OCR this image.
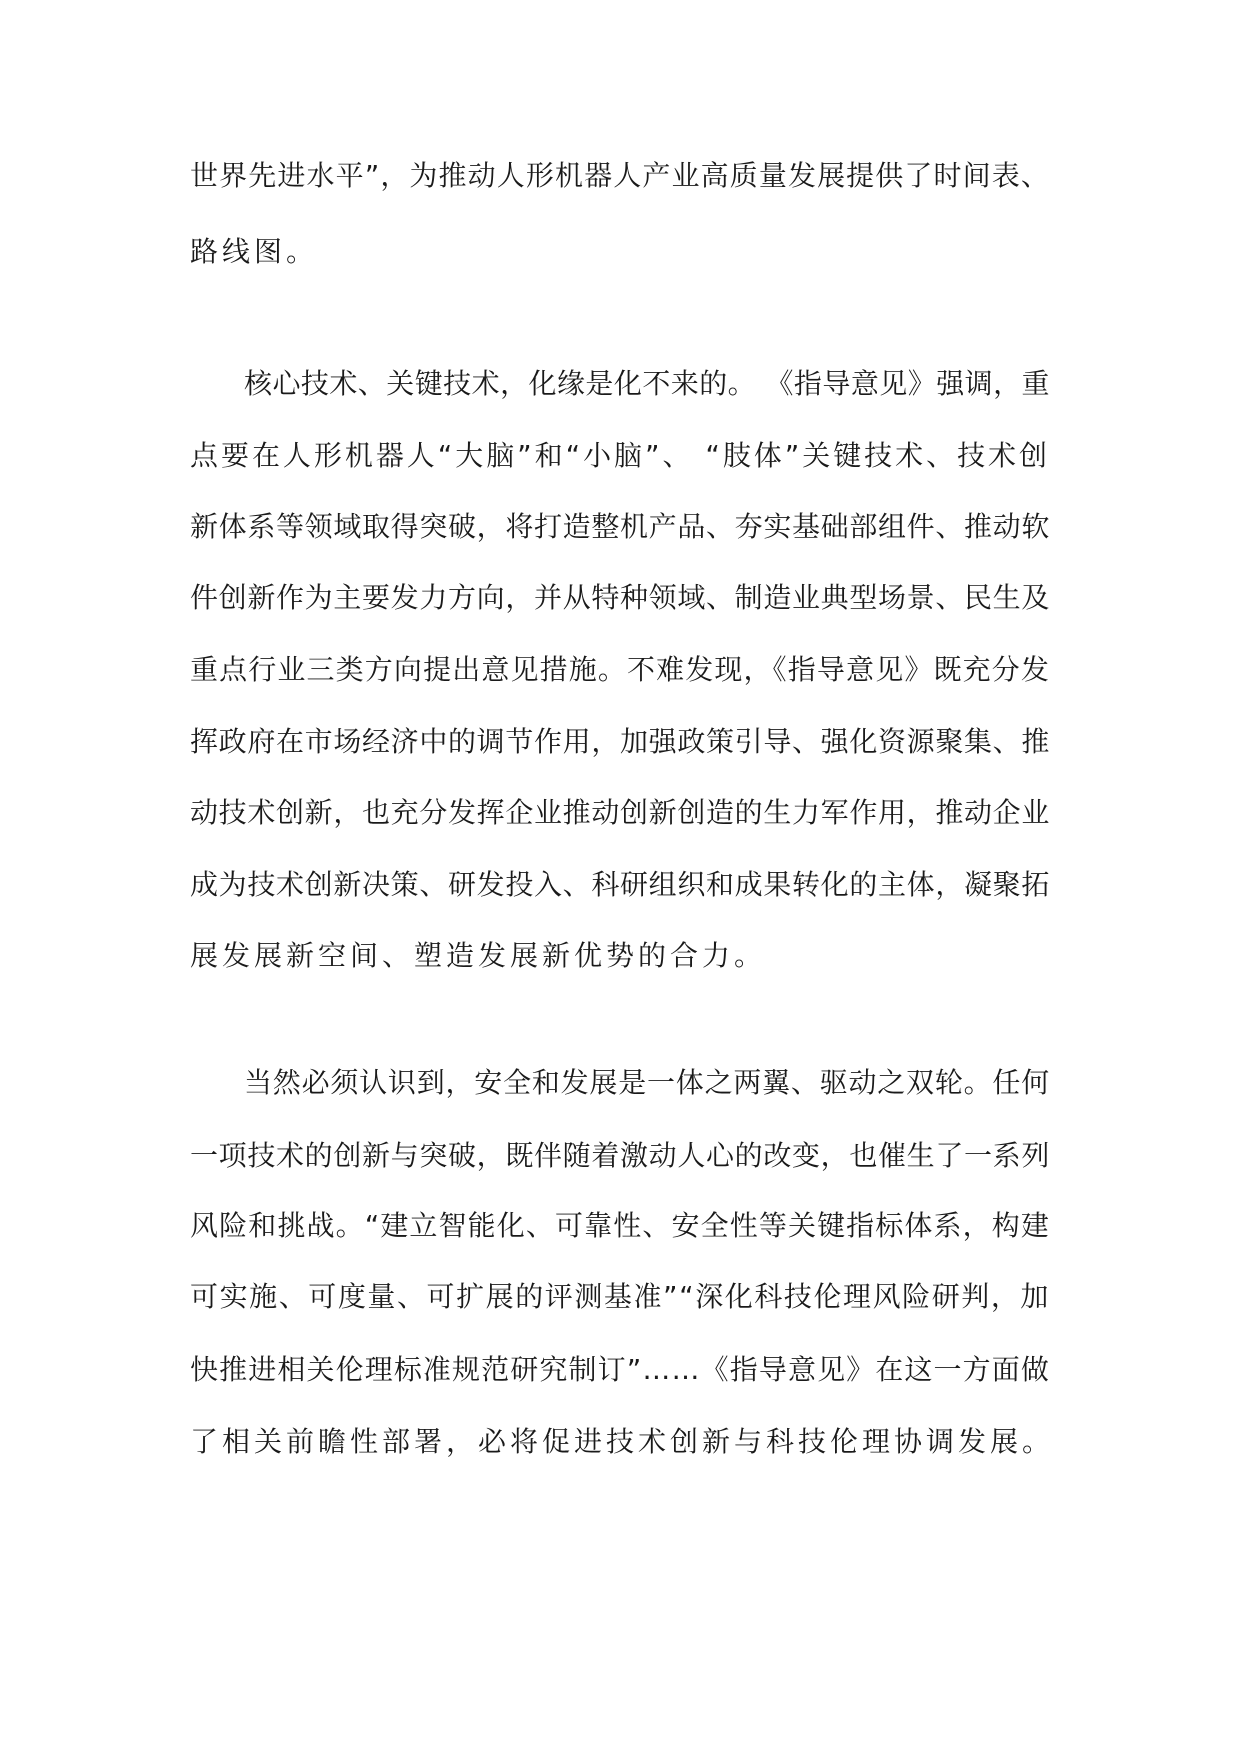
世界先进水平”，为推动人形机器人产业高质量发展提供了时间表、
路线图。
核心技术、关键技术，化缘是化不来的。 《指导意见》强调，重
点要在人形机器人“大脑”和“小脑”、 “肢体”关键技术、技术创
新体系等领域取得突破，将打造整机产品、夯实基础部组件、推动软
件创新作为主要发力方向，并从特种领域、制造业典型场景、民生及
重点行业三类方向提出意见措施。不难发现，《指导意见》既充分发
挥政府在市场经济中的调节作用，加强政策引导、强化资源聚集、推
动技术创新，也充分发挥企业推动创新创造的生力军作用，推动企业
成为技术创新决策、研发投入、科研组织和成果转化的主体，凝聚拓
展发展新空间、塑造发展新优势的合力。
当然必须认识到，安全和发展是一体之两翼、驱动之双轮。任何
一项技术的创新与突破，既伴随着激动人心的改变，也催生了一系列
风险和挑战。“建立智能化、可靠性、安全性等关键指标体系，构建
可实施、可度量、可扩展的评测基准”“深化科技伦理风险研判，加
快推进相关伦理标准规范研究制订”……《指导意见》在这一方面做
了相关前瞻性部署，必将促进技术创新与科技伦理协调发展。
